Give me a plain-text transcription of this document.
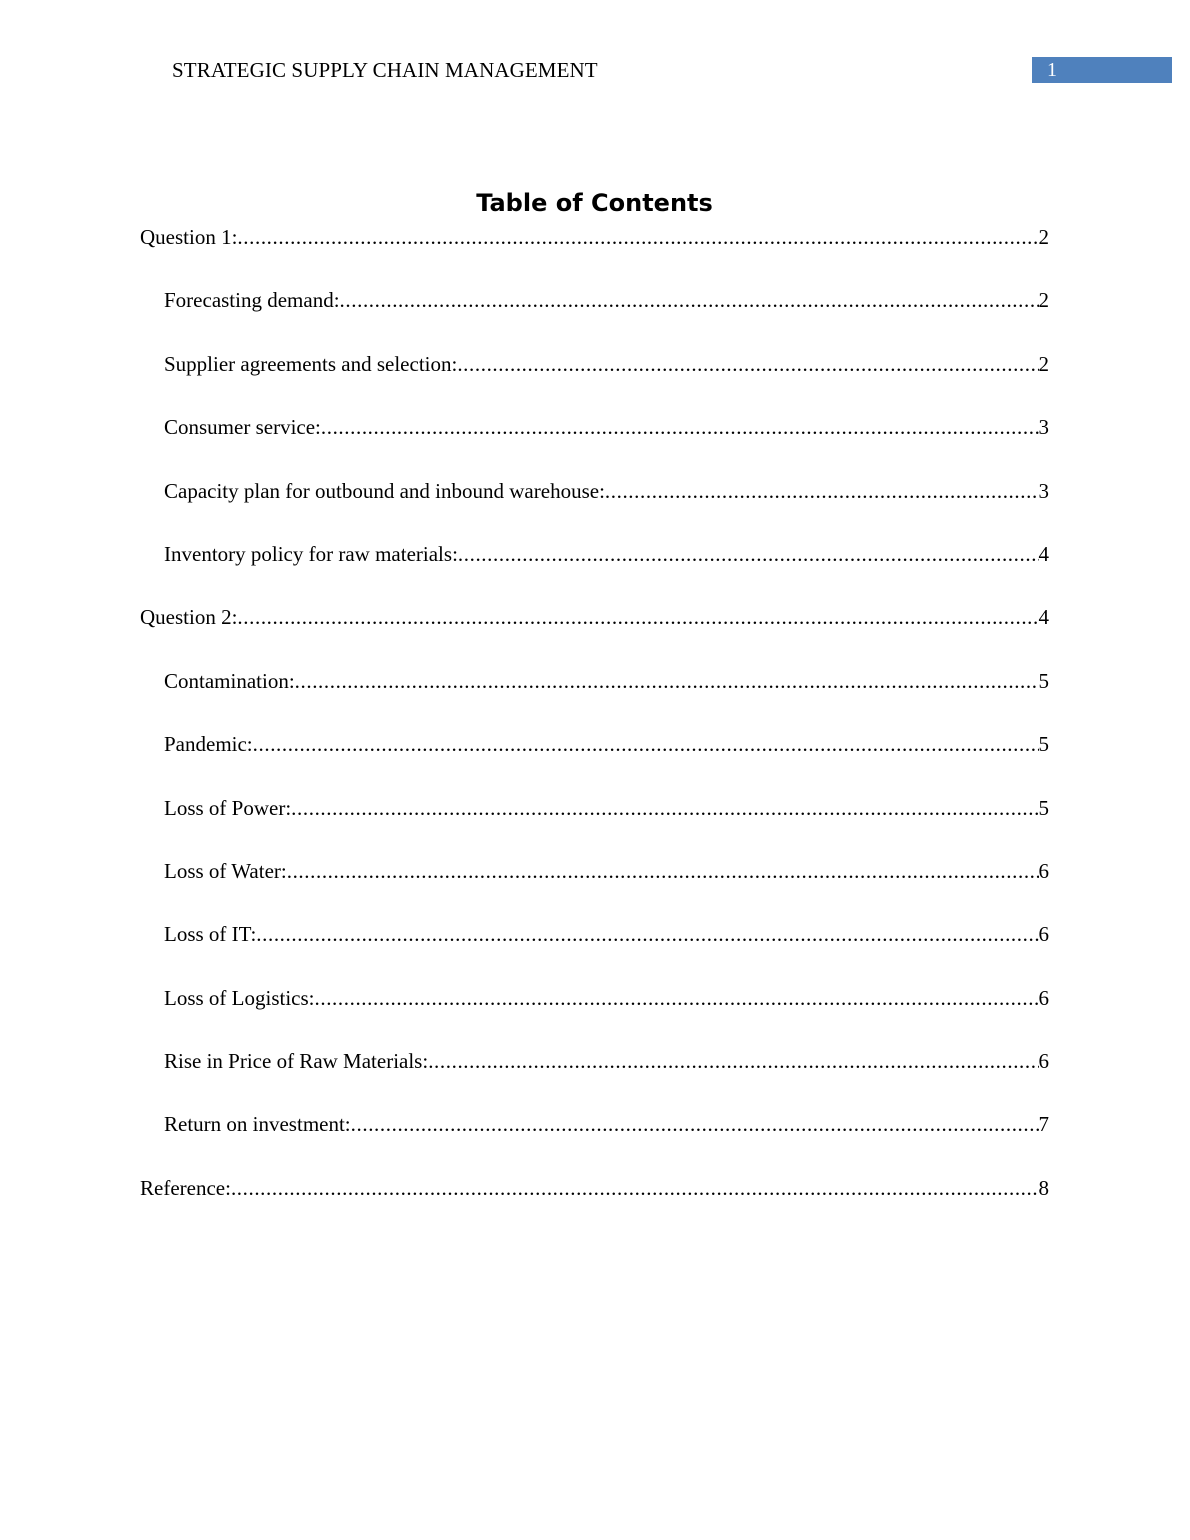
STRATEGIC SUPPLY CHAIN MANAGEMENT	1
Table of Contents
Question 1: .....	2
Forecasting demand: .....	2
Supplier agreements and selection: .....	2
Consumer service: .....	3
Capacity plan for outbound and inbound warehouse: .....	3
Inventory policy for raw materials: .....	4
Question 2: .....	4
Contamination: .....	5
Pandemic: .....	5
Loss of Power: .....	5
Loss of Water: .....	6
Loss of IT: .....	6
Loss of Logistics: .....	6
Rise in Price of Raw Materials: .....	6
Return on investment: .....	7
Reference: .....	8
